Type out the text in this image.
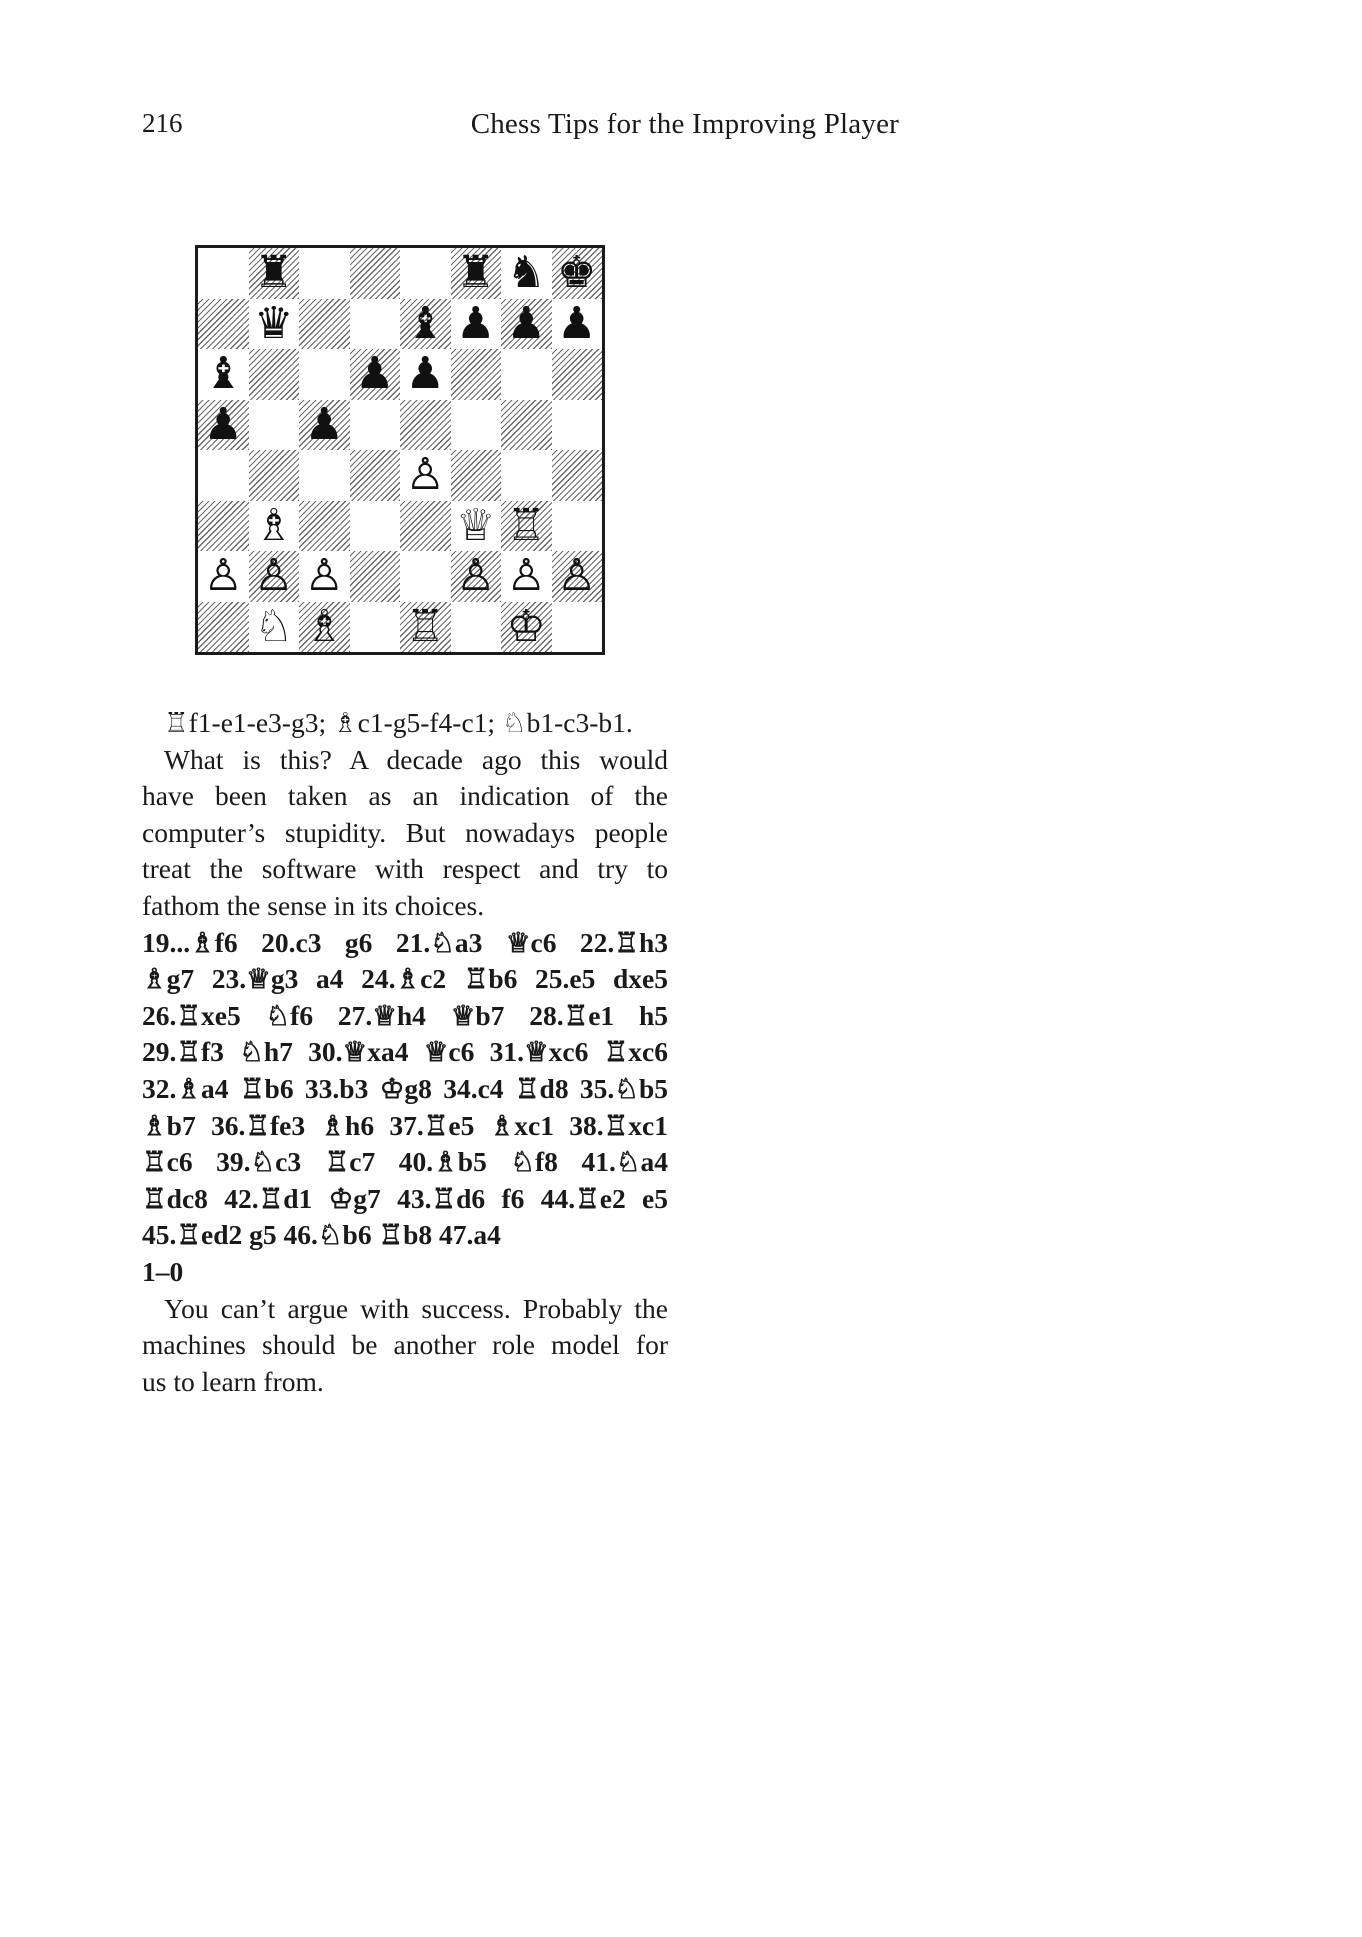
216	Chess Tips for the Improving Player
♜	♜ ♞ ♚
♛	♝ ♟ ♟ ♟
♝	♟ ♟
♟ ♟
♙
♗	♕ ♖
♙ ♙ ♙	♙ ♙ ♙
♘ ♗ ♖ ♔
♖f1-e1-e3-g3; ♗c1-g5-f4-c1; ♘b1-c3-b1.
What is this? A decade ago this would
have been taken as an indication of the
computer’s stupidity. But nowadays people
treat the software with respect and try to
fathom the sense in its choices.
19...♗f6 20.c3 g6 21.♘a3 ♕c6 22.♖h3
♗g7 23.♕g3 a4 24.♗c2 ♖b6 25.e5 dxe5
26.♖xe5 ♘f6 27.♕h4 ♕b7 28.♖e1 h5
29.♖f3 ♘h7 30.♕xa4 ♕c6 31.♕xc6 ♖xc6
32.♗a4 ♖b6 33.b3 ♔g8 34.c4 ♖d8 35.♘b5
♗b7 36.♖fe3 ♗h6 37.♖e5 ♗xc1 38.♖xc1
♖c6 39.♘c3 ♖c7 40.♗b5 ♘f8 41.♘a4
♖dc8 42.♖d1 ♔g7 43.♖d6 f6 44.♖e2 e5
45.♖ed2 g5 46.♘b6 ♖b8 47.a4
1–0
You can’t argue with success. Probably the
machines should be another role model for
us to learn from.
